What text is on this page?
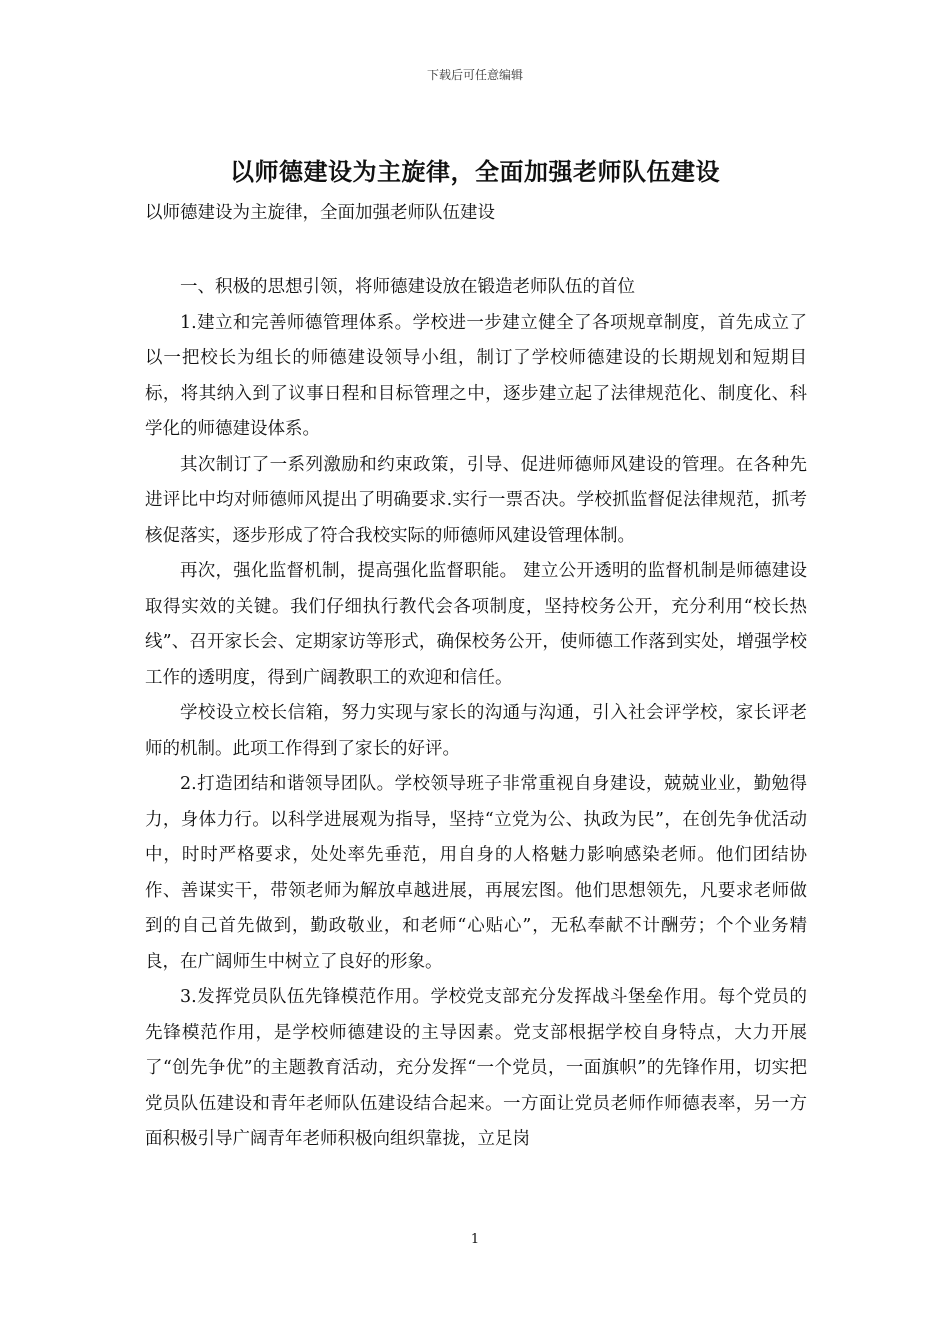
下载后可任意编辑
以师德建设为主旋律，全面加强老师队伍建设

以师德建设为主旋律，全面加强老师队伍建设

一、积极的思想引领，将师德建设放在锻造老师队伍的首位

1.建立和完善师德管理体系。学校进一步建立健全了各项规章制度，首先成立了以一把校长为组长的师德建设领导小组，制订了学校师德建设的长期规划和短期目标，将其纳入到了议事日程和目标管理之中，逐步建立起了法律规范化、制度化、科学化的师德建设体系。

其次制订了一系列激励和约束政策，引导、促进师德师风建设的管理。在各种先进评比中均对师德师风提出了明确要求.实行一票否决。学校抓监督促法律规范，抓考核促落实，逐步形成了符合我校实际的师德师风建设管理体制。

再次，强化监督机制，提高强化监督职能。 建立公开透明的监督机制是师德建设取得实效的关键。我们仔细执行教代会各项制度，坚持校务公开，充分利用“校长热线”、召开家长会、定期家访等形式，确保校务公开，使师德工作落到实处，增强学校工作的透明度，得到广阔教职工的欢迎和信任。

学校设立校长信箱，努力实现与家长的沟通与沟通，引入社会评学校，家长评老师的机制。此项工作得到了家长的好评。

2.打造团结和谐领导团队。学校领导班子非常重视自身建设，兢兢业业，勤勉得力，身体力行。以科学进展观为指导，坚持“立党为公、执政为民”，在创先争优活动中，时时严格要求，处处率先垂范，用自身的人格魅力影响感染老师。他们团结协作、善谋实干，带领老师为解放卓越进展，再展宏图。他们思想领先，凡要求老师做到的自己首先做到，勤政敬业，和老师“心贴心”，无私奉献不计酬劳；个个业务精良，在广阔师生中树立了良好的形象。

3.发挥党员队伍先锋模范作用。学校党支部充分发挥战斗堡垒作用。每个党员的先锋模范作用，是学校师德建设的主导因素。党支部根据学校自身特点，大力开展了“创先争优”的主题教育活动，充分发挥“一个党员，一面旗帜”的先锋作用，切实把党员队伍建设和青年老师队伍建设结合起来。一方面让党员老师作师德表率，另一方面积极引导广阔青年老师积极向组织靠拢，立足岗

1
